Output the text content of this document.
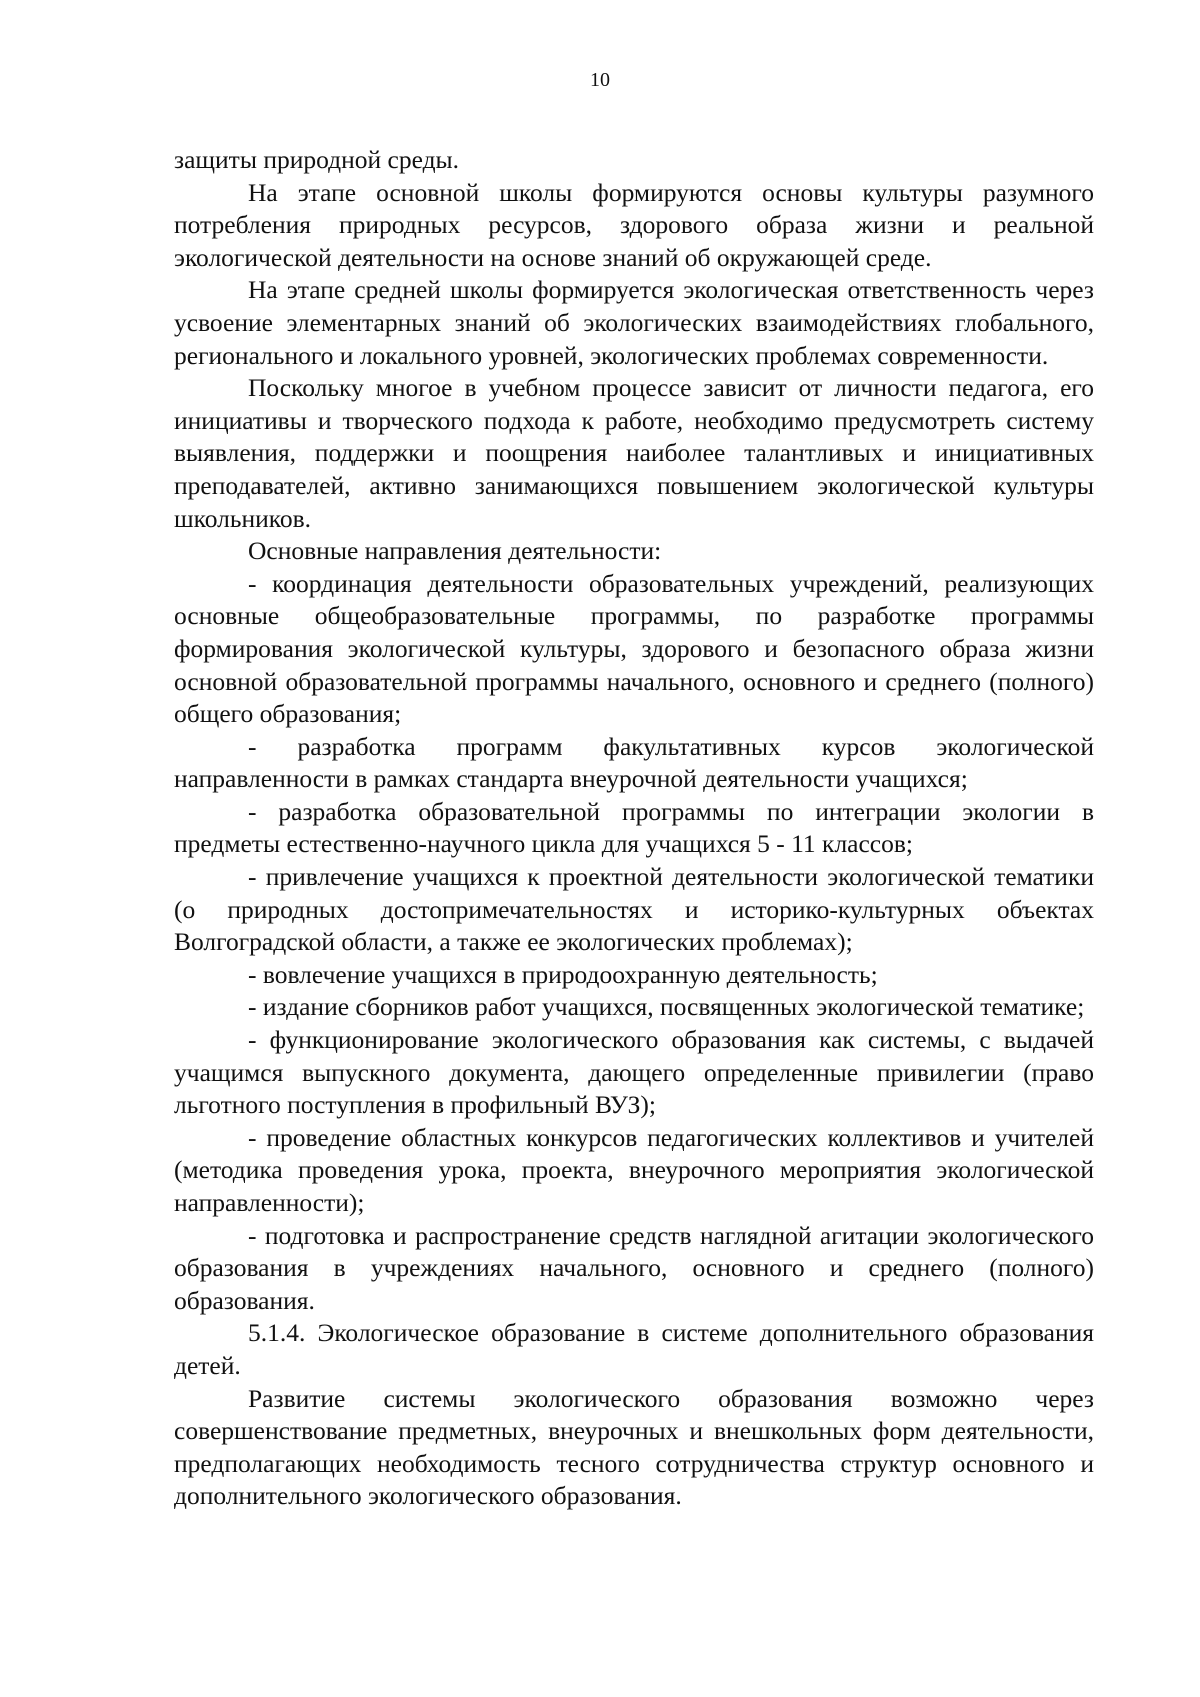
10

защиты природной среды.

На этапе основной школы формируются основы культуры разумного потребления природных ресурсов, здорового образа жизни и реальной экологической деятельности на основе знаний об окружающей среде.

На этапе средней школы формируется экологическая ответственность через усвоение элементарных знаний об экологических взаимодействиях глобального, регионального и локального уровней, экологических проблемах современности.

Поскольку многое в учебном процессе зависит от личности педагога, его инициативы и творческого подхода к работе, необходимо предусмотреть систему выявления, поддержки и поощрения наиболее талантливых и инициативных преподавателей, активно занимающихся повышением экологической культуры школьников.

Основные направления деятельности:

- координация деятельности образовательных учреждений, реализующих основные общеобразовательные программы, по разработке программы формирования экологической культуры, здорового и безопасного образа жизни основной образовательной программы начального, основного и среднего (полного) общего образования;

- разработка программ факультативных курсов экологической направленности в рамках стандарта внеурочной деятельности учащихся;

- разработка образовательной программы по интеграции экологии в предметы естественно-научного цикла для учащихся 5 - 11 классов;

- привлечение учащихся к проектной деятельности экологической тематики (о природных достопримечательностях и историко-культурных объектах Волгоградской области, а также ее экологических проблемах);

- вовлечение учащихся в природоохранную деятельность;

- издание сборников работ учащихся, посвященных экологической тематике;

- функционирование экологического образования как системы, с выдачей учащимся выпускного документа, дающего определенные привилегии (право льготного поступления в профильный ВУЗ);

- проведение областных конкурсов педагогических коллективов и учителей (методика проведения урока, проекта, внеурочного мероприятия экологической направленности);

- подготовка и распространение средств наглядной агитации экологического образования в учреждениях начального, основного и среднего (полного) образования.

5.1.4. Экологическое образование в системе дополнительного образования детей.

Развитие системы экологического образования возможно через совершенствование предметных, внеурочных и внешкольных форм деятельности, предполагающих необходимость тесного сотрудничества структур основного и дополнительного экологического образования.
